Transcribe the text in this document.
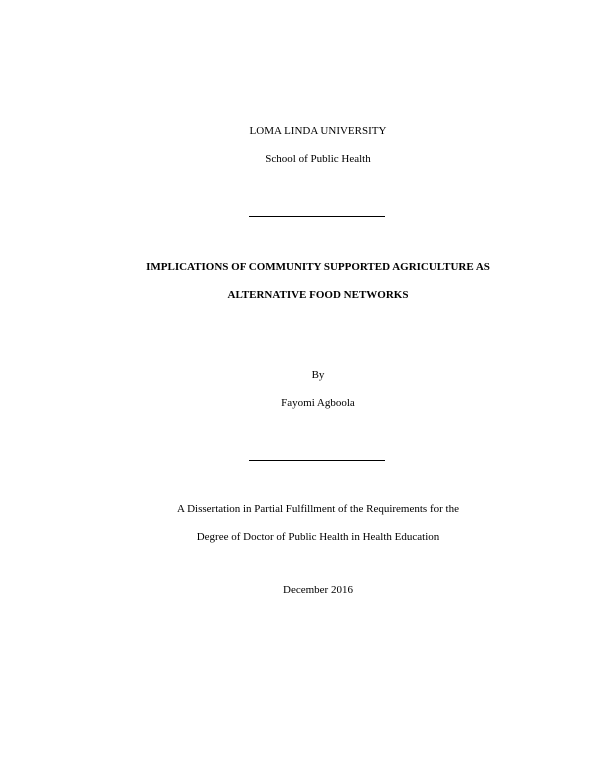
LOMA LINDA UNIVERSITY
School of Public Health
IMPLICATIONS OF COMMUNITY SUPPORTED AGRICULTURE AS
ALTERNATIVE FOOD NETWORKS
By
Fayomi Agboola
A Dissertation in Partial Fulfillment of the Requirements for the
Degree of Doctor of Public Health in Health Education
December 2016
